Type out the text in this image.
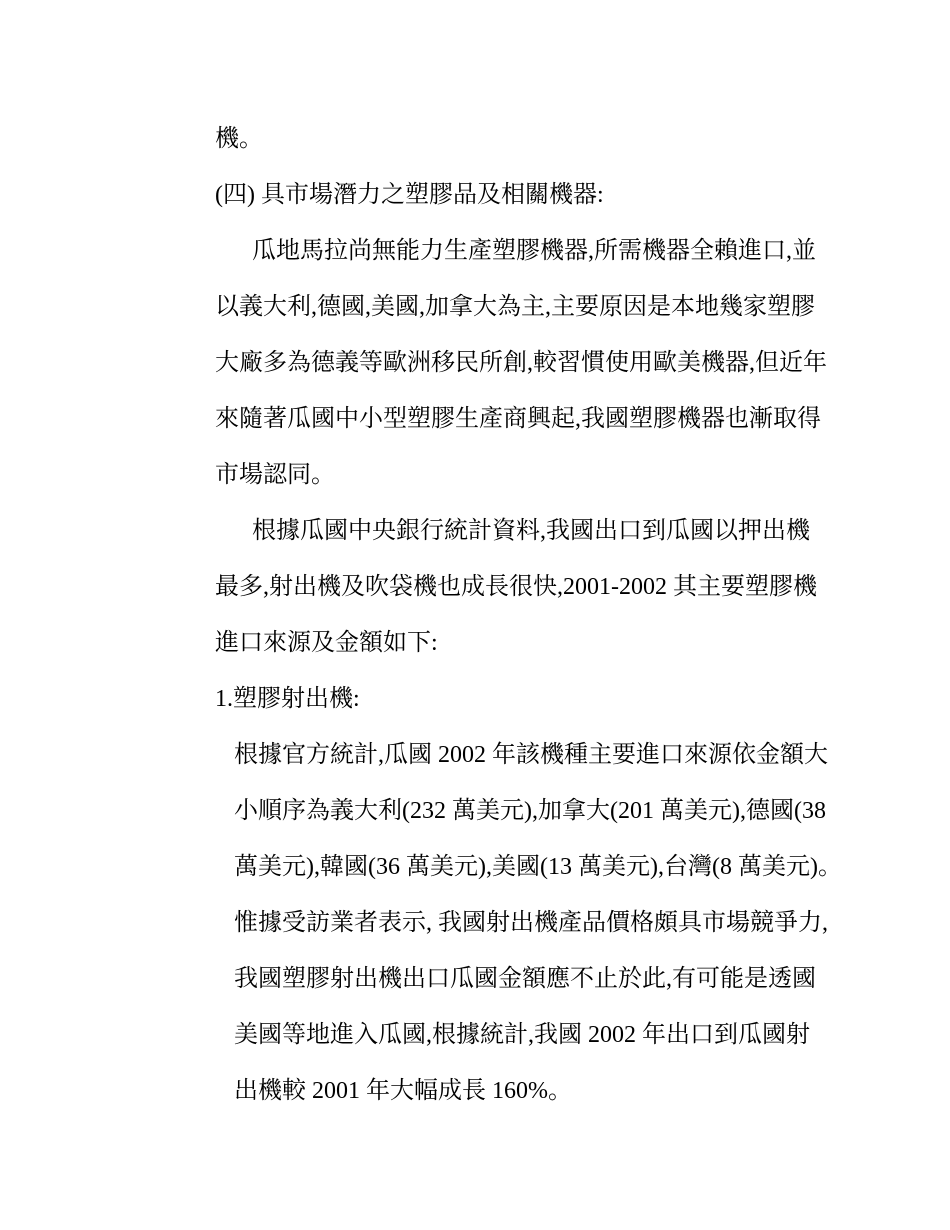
機。
(四) 具市場潛力之塑膠品及相關機器:
瓜地馬拉尚無能力生產塑膠機器,所需機器全賴進口,並
以義大利,德國,美國,加拿大為主,主要原因是本地幾家塑膠
大廠多為德義等歐洲移民所創,較習慣使用歐美機器,但近年
來隨著瓜國中小型塑膠生產商興起,我國塑膠機器也漸取得
市場認同。
根據瓜國中央銀行統計資料,我國出口到瓜國以押出機
最多,射出機及吹袋機也成長很快,2001-2002 其主要塑膠機
進口來源及金額如下:
1.塑膠射出機:
根據官方統計,瓜國 2002 年該機種主要進口來源依金額大
小順序為義大利(232 萬美元),加拿大(201 萬美元),德國(38
萬美元),韓國(36 萬美元),美國(13 萬美元),台灣(8 萬美元)。
惟據受訪業者表示, 我國射出機產品價格頗具市場競爭力,
我國塑膠射出機出口瓜國金額應不止於此,有可能是透國
美國等地進入瓜國,根據統計,我國 2002 年出口到瓜國射
出機較 2001 年大幅成長 160%。
